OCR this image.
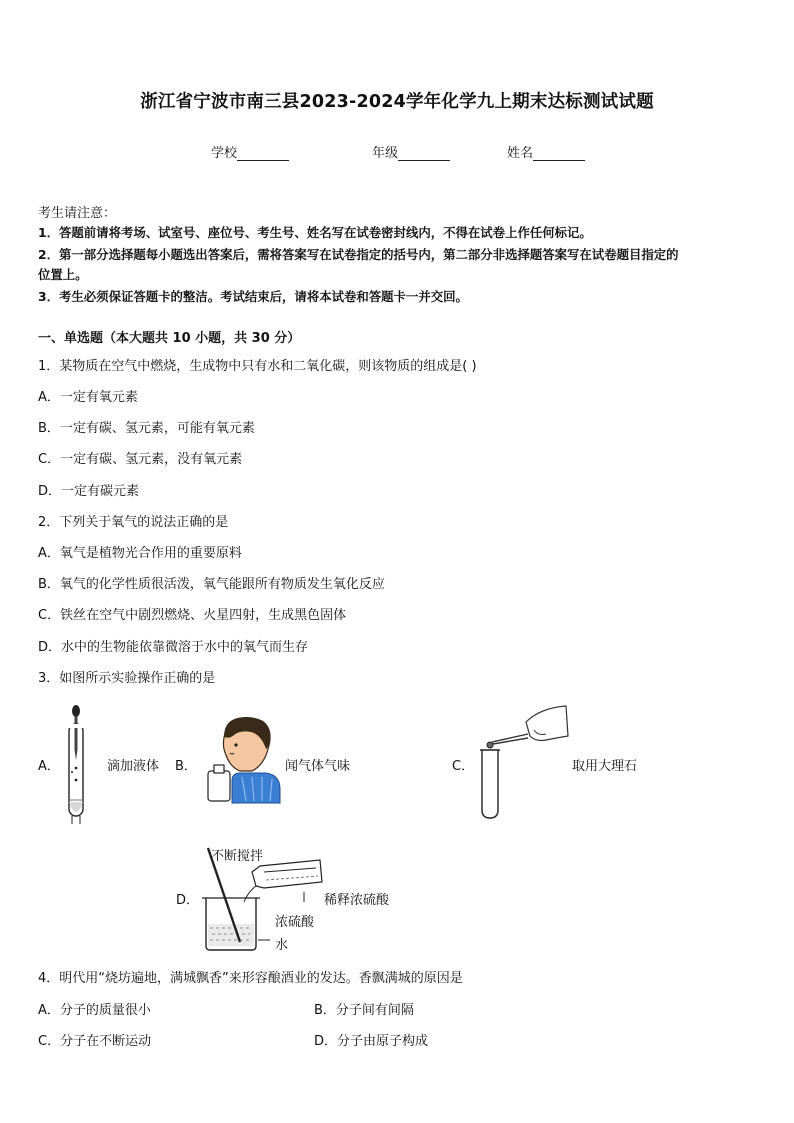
浙江省宁波市南三县2023-2024学年化学九上期末达标测试试题
学校	年级	姓名
考生请注意：
1．答题前请将考场、试室号、座位号、考生号、姓名写在试卷密封线内，不得在试卷上作任何标记。
2．第一部分选择题每小题选出答案后，需将答案写在试卷指定的括号内，第二部分非选择题答案写在试卷题目指定的
位置上。
3．考生必须保证答题卡的整洁。考试结束后，请将本试卷和答题卡一并交回。
一、单选题（本大题共 10 小题，共 30 分）
1．某物质在空气中燃烧，生成物中只有水和二氧化碳，则该物质的组成是( )
A．一定有氧元素
B．一定有碳、氢元素，可能有氧元素
C．一定有碳、氢元素，没有氧元素
D．一定有碳元素
2．下列关于氧气的说法正确的是
A．氧气是植物光合作用的重要原料
B．氧气的化学性质很活泼，氧气能跟所有物质发生氧化反应
C．铁丝在空气中剧烈燃烧、火星四射，生成黑色固体
D．水中的生物能依靠微溶于水中的氧气而生存
3．如图所示实验操作正确的是
A．	滴加液体 B．	闻气体气味	C．	取用大理石
D．
不断搅拌
稀释浓硫酸
浓硫酸
水
4．明代用“烧坊遍地，满城飘香”来形容酿酒业的发达。香飘满城的原因是
A．分子的质量很小	B．分子间有间隔
C．分子在不断运动	D．分子由原子构成
